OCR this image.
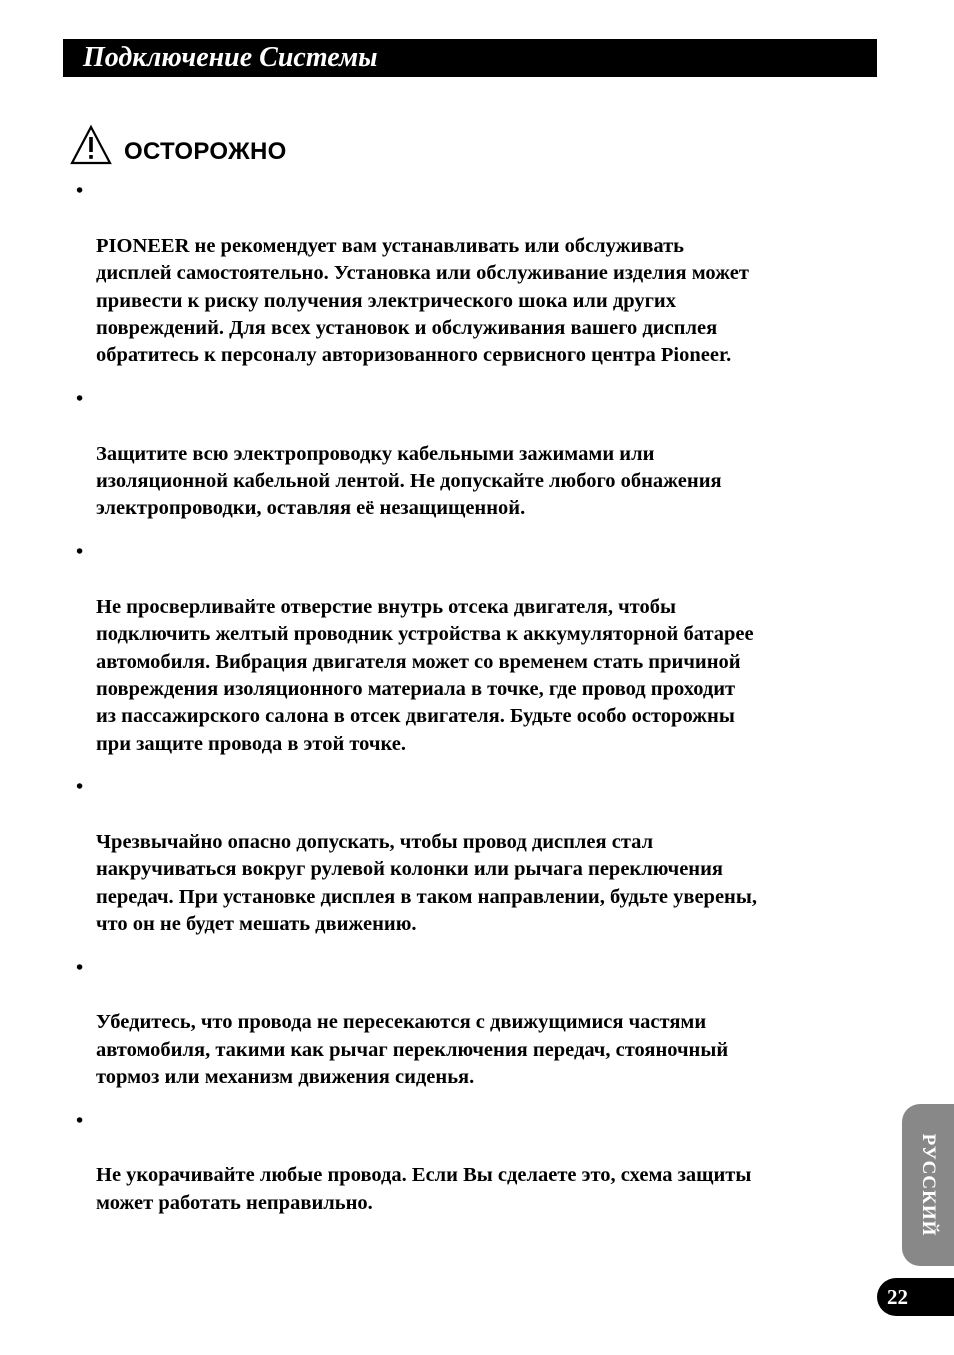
Подключение Системы
ОСТОРОЖНО

•

PIONEER не рекомендует вам устанавливать или обслуживать
дисплей самостоятельно. Установка или обслуживание изделия может
привести к риску получения электрического шока или других
повреждений. Для всех установок и обслуживания вашего дисплея
обратитесь к персоналу авторизованного сервисного центра Pioneer.

•

Защитите всю электропроводку кабельными зажимами или
изоляционной кабельной лентой. Не допускайте любого обнажения
электропроводки, оставляя её незащищенной.

•

Не просверливайте отверстие внутрь отсека двигателя, чтобы
подключить желтый проводник устройства к аккумуляторной батарее
автомобиля. Вибрация двигателя может со временем стать причиной
повреждения изоляционного материала в точке, где провод проходит
из пассажирского салона в отсек двигателя. Будьте особо осторожны
при защите провода в этой точке.

•

Чрезвычайно опасно допускать, чтобы провод дисплея стал
накручиваться вокруг рулевой колонки или рычага переключения
передач. При установке дисплея в таком направлении, будьте уверены,
что он не будет мешать движению.

•

Убедитесь, что провода не пересекаются с движущимися частями
автомобиля, такими как рычаг переключения передач, стояночный
тормоз или механизм движения сиденья.

•

Не укорачивайте любые провода. Если Вы сделаете это, схема защиты
может работать неправильно.	РУССКИЙ
22
